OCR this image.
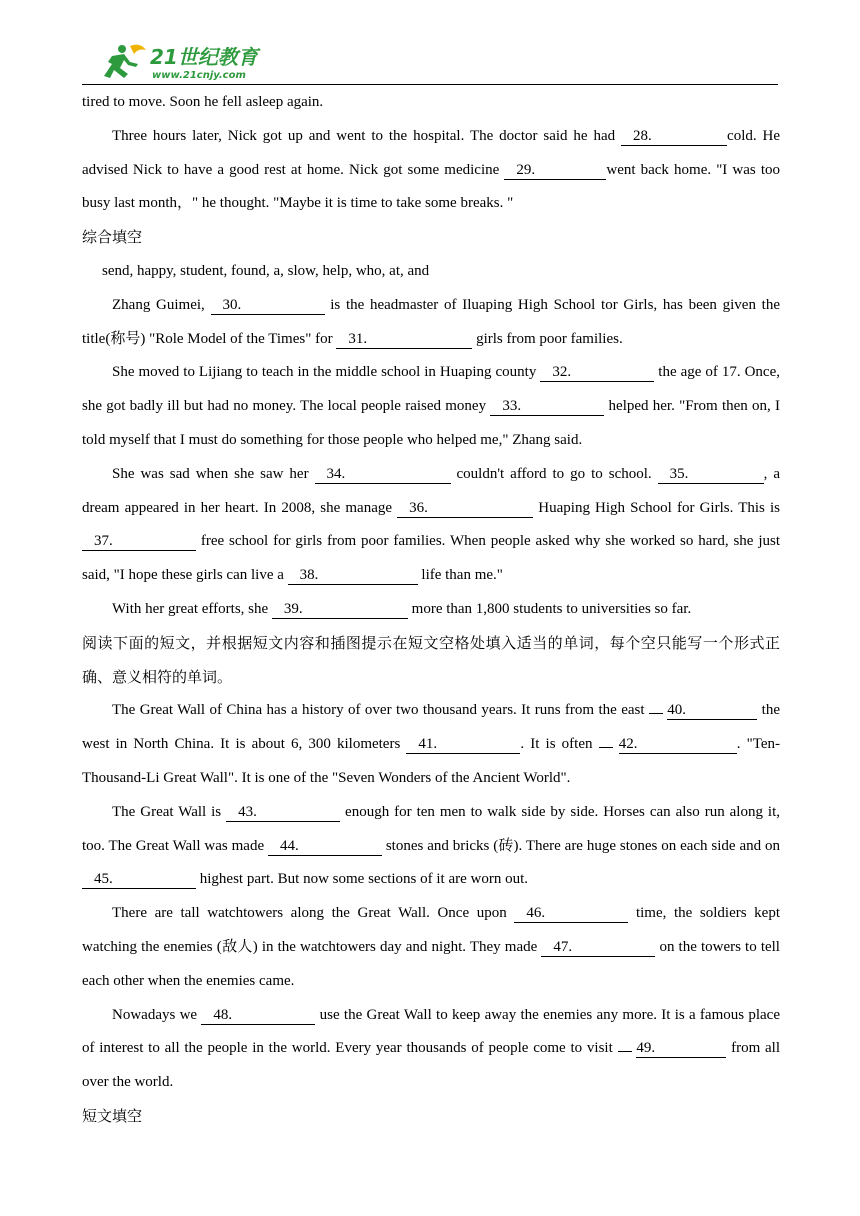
21世纪教育
www.21cnjy.com

tired to move. Soon he fell asleep again.

Three hours later, Nick got up and went to the hospital. The doctor said he had 28.	cold. He advised Nick to have a good rest at home. Nick got some medicine 29.	went back home. "I was too busy last month，" he thought. "Maybe it is time to take some breaks. "

综合填空

send, happy, student, found, a, slow, help, who, at, and

Zhang Guimei, 30.	is the headmaster of Iluaping High School tor Girls, has been given the title(称号) "Role Model of the Times" for 31.	girls from poor families.

She moved to Lijiang to teach in the middle school in Huaping county 32.	the age of 17. Once, she got badly ill but had no money. The local people raised money 33.	helped her. "From then on, I told myself that I must do something for those people who helped me," Zhang said.

She was sad when she saw her 34.	couldn't afford to go to school. 35.	, a dream appeared in her heart. In 2008, she manage 36.	Huaping High School for Girls. This is 37.	free school for girls from poor families. When people asked why she worked so hard, she just said, "I hope these girls can live a 38.	life than me."

With her great efforts, she 39.	more than 1,800 students to universities so far.

阅读下面的短文，并根据短文内容和插图提示在短文空格处填入适当的单词，每个空只能写一个形式正确、意义相符的单词。

The Great Wall of China has a history of over two thousand years. It runs from the east  40.	the west in North China. It is about 6, 300 kilometers 41.	. It is often  42.	. "Ten-Thousand-Li Great Wall". It is one of the "Seven Wonders of the Ancient World".

The Great Wall is 43.	enough for ten men to walk side by side. Horses can also run along it, too. The Great Wall was made 44.	stones and bricks (砖). There are huge stones on each side and on 45.	highest part. But now some sections of it are worn out.

There are tall watchtowers along the Great Wall. Once upon 46.	time, the soldiers kept watching the enemies (敌人) in the watchtowers day and night. They made 47.	on the towers to tell each other when the enemies came.

Nowadays we 48.	use the Great Wall to keep away the enemies any more. It is a famous place of interest to all the people in the world. Every year thousands of people come to visit  49.	from all over the world.

短文填空
